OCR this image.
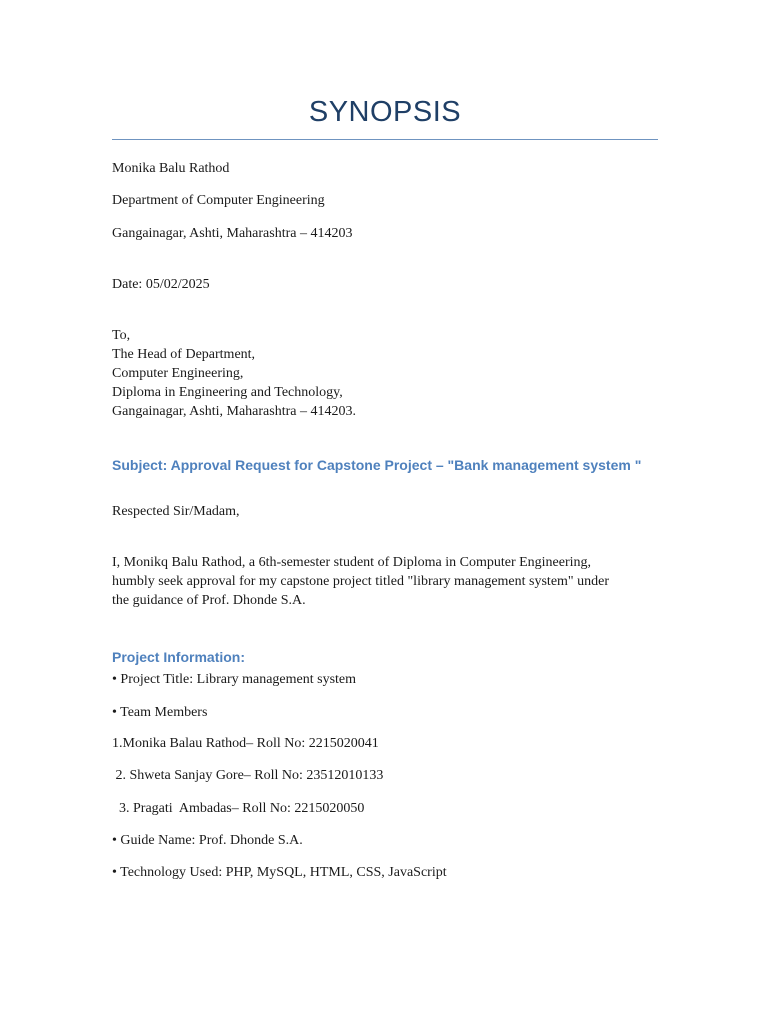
SYNOPSIS
Monika Balu Rathod
Department of Computer Engineering
Gangainagar, Ashti, Maharashtra – 414203
Date: 05/02/2025
To,
The Head of Department,
Computer Engineering,
Diploma in Engineering and Technology,
Gangainagar, Ashti, Maharashtra – 414203.
Subject: Approval Request for Capstone Project – "Bank management system "
Respected Sir/Madam,
I, Monikq Balu Rathod, a 6th-semester student of Diploma in Computer Engineering,
humbly seek approval for my capstone project titled "library management system" under
the guidance of Prof. Dhonde S.A.
Project Information:
• Project Title: Library management system
• Team Members
1.Monika Balau Rathod– Roll No: 2215020041
2. Shweta Sanjay Gore– Roll No: 23512010133
3. Pragati  Ambadas– Roll No: 2215020050
• Guide Name: Prof. Dhonde S.A.
• Technology Used: PHP, MySQL, HTML, CSS, JavaScript
